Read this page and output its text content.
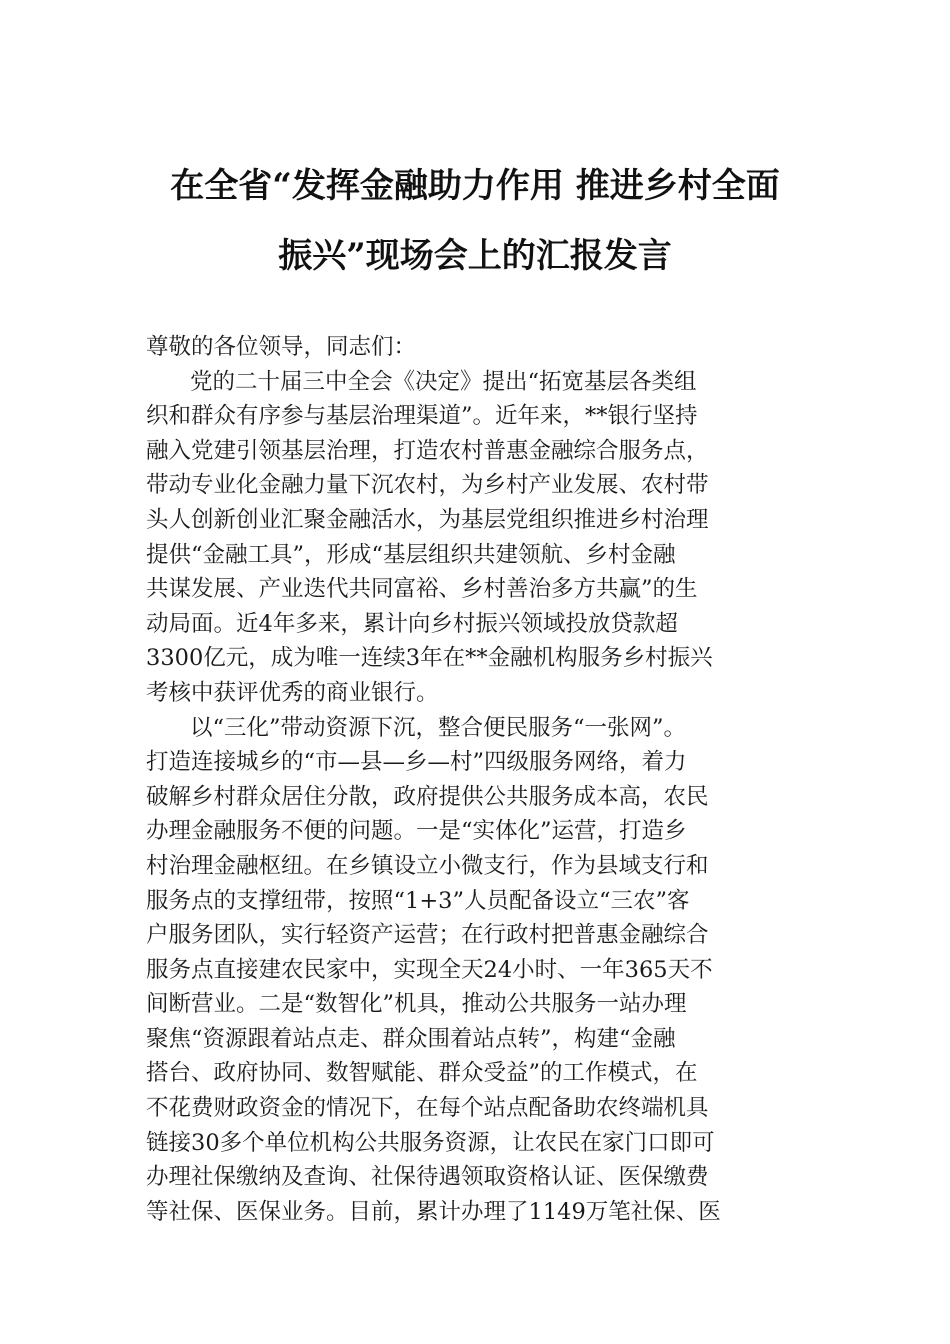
在全省“发挥金融助力作用 推进乡村全面
振兴”现场会上的汇报发言
尊敬的各位领导，同志们：
党的二十届三中全会《决定》提出“拓宽基层各类组
织和群众有序参与基层治理渠道”。近年来，**银行坚持
融入党建引领基层治理，打造农村普惠金融综合服务点，
带动专业化金融力量下沉农村，为乡村产业发展、农村带
头人创新创业汇聚金融活水，为基层党组织推进乡村治理
提供“金融工具”，形成“基层组织共建领航、乡村金融
共谋发展、产业迭代共同富裕、乡村善治多方共赢”的生
动局面。近4年多来，累计向乡村振兴领域投放贷款超
3300亿元，成为唯一连续3年在**金融机构服务乡村振兴
考核中获评优秀的商业银行。
以“三化”带动资源下沉，整合便民服务“一张网”。
打造连接城乡的“市—县—乡—村”四级服务网络，着力
破解乡村群众居住分散，政府提供公共服务成本高，农民
办理金融服务不便的问题。一是“实体化”运营，打造乡
村治理金融枢纽。在乡镇设立小微支行，作为县域支行和
服务点的支撑纽带，按照“1+3”人员配备设立“三农”客
户服务团队，实行轻资产运营；在行政村把普惠金融综合
服务点直接建农民家中，实现全天24小时、一年365天不
间断营业。二是“数智化”机具，推动公共服务一站办理
聚焦“资源跟着站点走、群众围着站点转”，构建“金融
搭台、政府协同、数智赋能、群众受益”的工作模式，在
不花费财政资金的情况下，在每个站点配备助农终端机具
链接30多个单位机构公共服务资源，让农民在家门口即可
办理社保缴纳及查询、社保待遇领取资格认证、医保缴费
等社保、医保业务。目前，累计办理了1149万笔社保、医
